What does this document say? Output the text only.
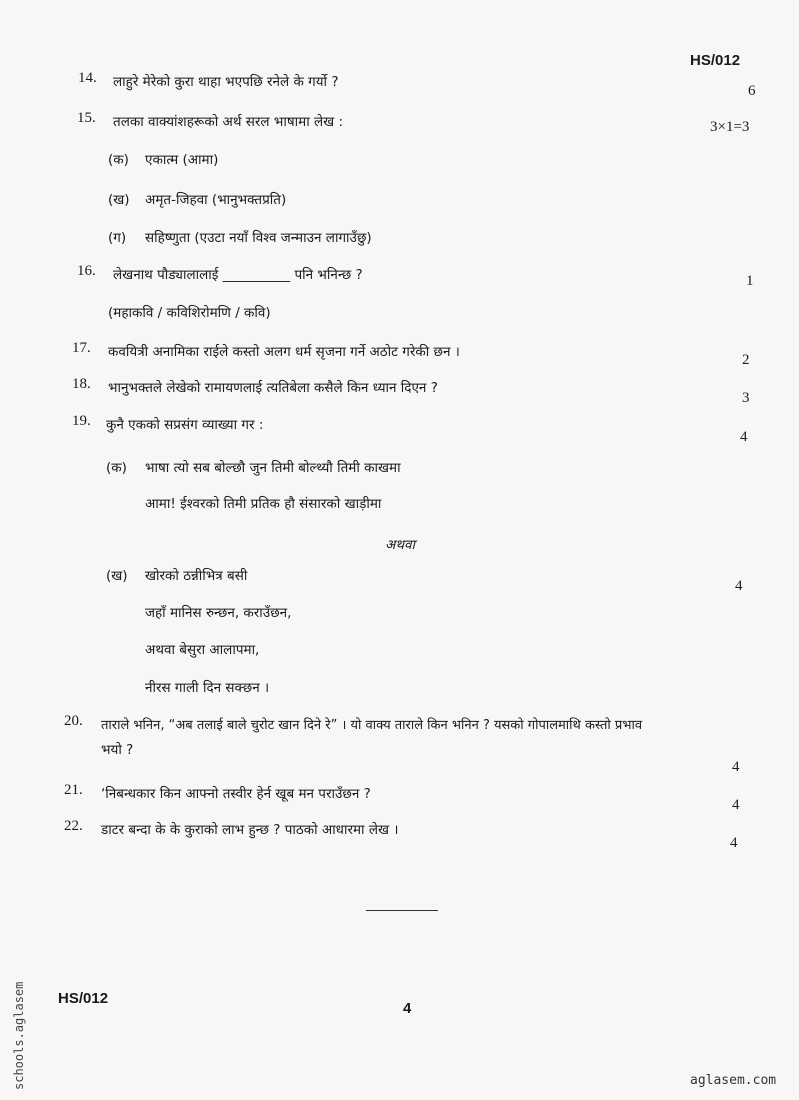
HS/012
14. लाहुरे मेरेको कुरा थाहा भएपछि रनेले के गर्यो ?
6
15. तलका वाक्यांशहरूको अर्थ सरल भाषामा लेख :	3×1=3
(क) एकात्म (आमा)
(ख) अमृत-जिहवा (भानुभक्तप्रति)
(ग) सहिष्णुता (एउटा नयाँ विश्व जन्माउन लागाउँछु)
16. लेखनाथ पौड्यालालाई __________ पनि भनिन्छ ?	1
(महाकवि / कविशिरोमणि / कवि)
17. कवयित्री अनामिका राईले कस्तो अलग धर्म सृजना गर्ने अठोट गरेकी छन ।	2
18. भानुभक्तले लेखेको रामायणलाई त्यतिबेला कसैले किन ध्यान दिएन ?
3
19. कुनै एकको सप्रसंग व्याख्या गर :
4
(क) भाषा त्यो सब बोल्छौ जुन तिमी बोल्थ्यौ तिमी काखमा
आमा! ईश्वरको तिमी प्रतिक हौ संसारको खाड़ीमा
अथवा
(ख) खोरको ठन्नीभित्र बसी
4
जहाँ मानिस रुन्छन, कराउँछन,
अथवा बेसुरा आलापमा,
नीरस गाली दिन सक्छन ।
20. ताराले भनिन, “अब तलाई बाले चुरोट खान दिने रे” । यो वाक्य ताराले किन भनिन ? यसको गोपालमाथि कस्तो प्रभाव
भयो ?
4
21. ‘निबन्धकार किन आफ्नो तस्वीर हेर्न खूब मन पराउँछन ?
4
22. डाटर बन्दा के के कुराको लाभ हुन्छ ? पाठको आधारमा लेख ।
4
HS/012
4
aglasem.com
schools.aglasem
